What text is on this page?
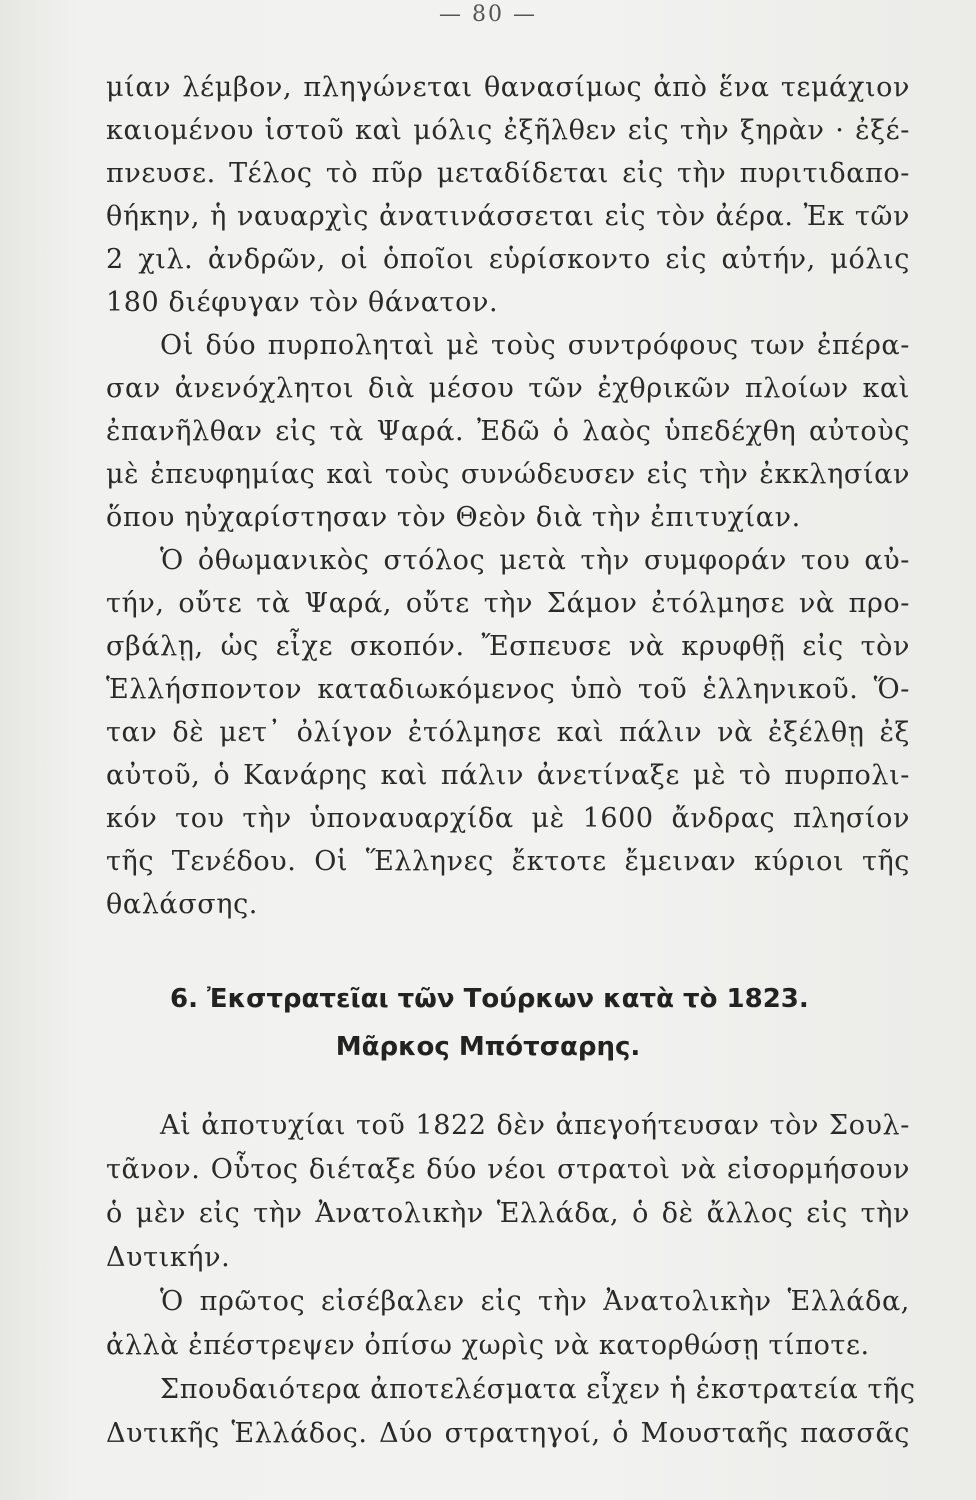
— 80 —
μίαν λέμβον, πληγώνεται θανασίμως ἀπὸ ἕνα τεμάχιον
καιομένου ἱστοῦ καὶ μόλις ἐξῆλθεν εἰς τὴν ξηρὰν · ἐξέ-
πνευσε. Τέλος τὸ πῦρ μεταδίδεται εἰς τὴν πυριτιδαπο-
θήκην, ἡ ναυαρχὶς ἀνατινάσσεται εἰς τὸν ἀέρα. Ἐκ τῶν
2 χιλ. ἀνδρῶν, οἱ ὁποῖοι εὑρίσκοντο εἰς αὐτήν, μόλις
180 διέφυγαν τὸν θάνατον.
Οἱ δύο πυρποληταὶ μὲ τοὺς συντρόφους των ἐπέρα-
σαν ἀνενόχλητοι διὰ μέσου τῶν ἐχθρικῶν πλοίων καὶ
ἐπανῆλθαν εἰς τὰ Ψαρά. Ἐδῶ ὁ λαὸς ὑπεδέχθη αὐτοὺς
μὲ ἐπευφημίας καὶ τοὺς συνώδευσεν εἰς τὴν ἐκκλησίαν
ὅπου ηὐχαρίστησαν τὸν Θεὸν διὰ τὴν ἐπιτυχίαν.
Ὁ ὀθωμανικὸς στόλος μετὰ τὴν συμφοράν του αὐ-
τήν, οὔτε τὰ Ψαρά, οὔτε τὴν Σάμον ἐτόλμησε νὰ προ-
σβάλῃ, ὡς εἶχε σκοπόν. Ἔσπευσε νὰ κρυφθῇ εἰς τὸν
Ἑλλήσποντον καταδιωκόμενος ὑπὸ τοῦ ἑλληνικοῦ. Ὅ-
ταν δὲ μετ᾽ ὀλίγον ἐτόλμησε καὶ πάλιν νὰ ἐξέλθῃ ἐξ
αὐτοῦ, ὁ Κανάρης καὶ πάλιν ἀνετίναξε μὲ τὸ πυρπολι-
κόν του τὴν ὑποναυαρχίδα μὲ 1600 ἄνδρας πλησίον
τῆς Τενέδου. Οἱ Ἕλληνες ἔκτοτε ἔμειναν κύριοι τῆς
θαλάσσης.
6. Ἐκστρατεῖαι τῶν Τούρκων κατὰ τὸ 1823.
Μᾶρκος Μπότσαρης.
Αἱ ἀποτυχίαι τοῦ 1822 δὲν ἀπεγοήτευσαν τὸν Σουλ-
τᾶνον. Οὗτος διέταξε δύο νέοι στρατοὶ νὰ εἰσορμήσουν
ὁ μὲν εἰς τὴν Ἀνατολικὴν Ἑλλάδα, ὁ δὲ ἄλλος εἰς τὴν
Δυτικήν.
Ὁ πρῶτος εἰσέβαλεν εἰς τὴν Ἀνατολικὴν Ἑλλάδα,
ἀλλὰ ἐπέστρεψεν ὀπίσω χωρὶς νὰ κατορθώσῃ τίποτε.
Σπουδαιότερα ἀποτελέσματα εἶχεν ἡ ἐκστρατεία τῆς
Δυτικῆς Ἑλλάδος. Δύο στρατηγοί, ὁ Μουσταῆς πασσᾶς
